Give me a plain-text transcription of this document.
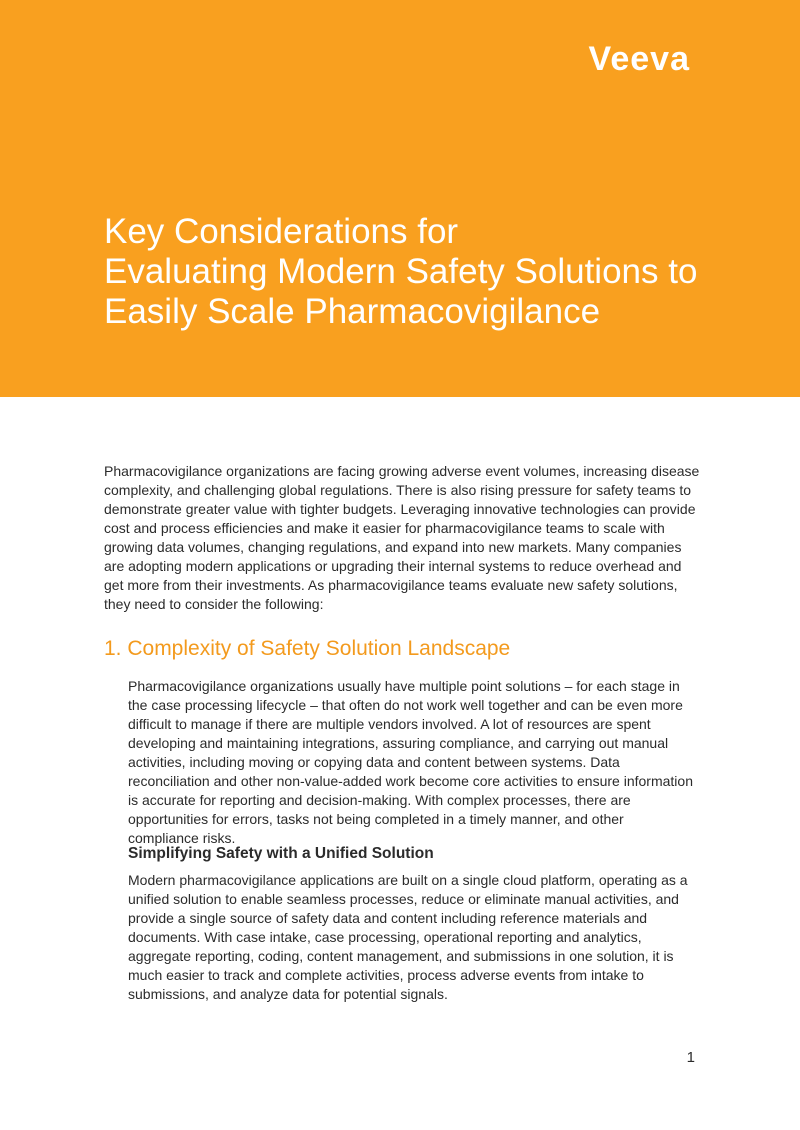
Veeva
Key Considerations for
Evaluating Modern Safety Solutions to
Easily Scale Pharmacovigilance

Pharmacovigilance organizations are facing growing adverse event volumes, increasing disease complexity, and challenging global regulations. There is also rising pressure for safety teams to demonstrate greater value with tighter budgets. Leveraging innovative technologies can provide cost and process efficiencies and make it easier for pharmacovigilance teams to scale with growing data volumes, changing regulations, and expand into new markets. Many companies are adopting modern applications or upgrading their internal systems to reduce overhead and get more from their investments. As pharmacovigilance teams evaluate new safety solutions, they need to consider the following:

1. Complexity of Safety Solution Landscape

Pharmacovigilance organizations usually have multiple point solutions – for each stage in the case processing lifecycle – that often do not work well together and can be even more difficult to manage if there are multiple vendors involved. A lot of resources are spent developing and maintaining integrations, assuring compliance, and carrying out manual activities, including moving or copying data and content between systems. Data reconciliation and other non-value-added work become core activities to ensure information is accurate for reporting and decision-making. With complex processes, there are opportunities for errors, tasks not being completed in a timely manner, and other compliance risks.

Simplifying Safety with a Unified Solution

Modern pharmacovigilance applications are built on a single cloud platform, operating as a unified solution to enable seamless processes, reduce or eliminate manual activities, and provide a single source of safety data and content including reference materials and documents. With case intake, case processing, operational reporting and analytics, aggregate reporting, coding, content management, and submissions in one solution, it is much easier to track and complete activities, process adverse events from intake to submissions, and analyze data for potential signals.

1
